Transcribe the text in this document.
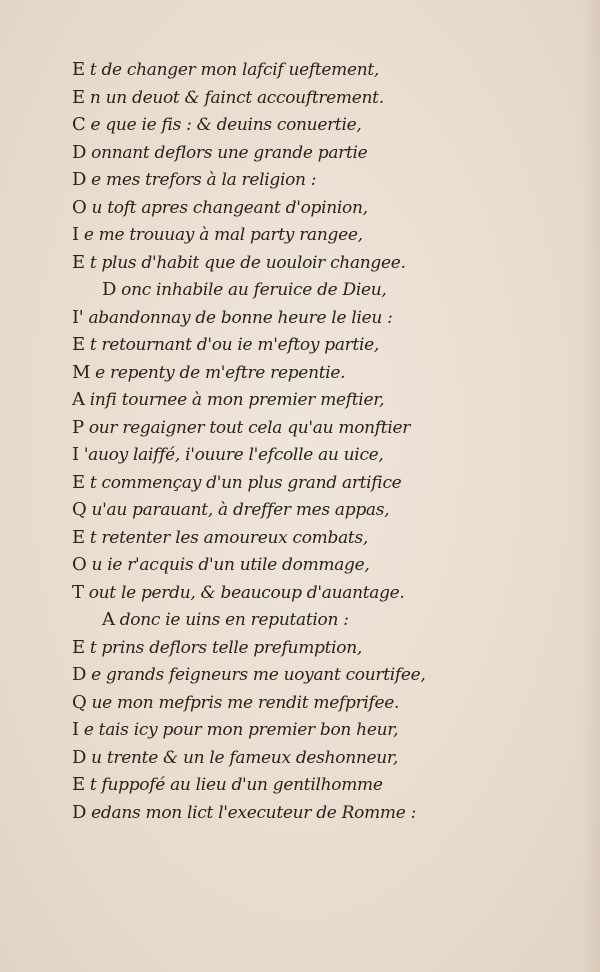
E t de changer mon lafcif ueftement,
E n un deuot & fainct accouftrement.
C e que ie fis : & deuins conuertie,
D onnant deflors une grande partie
D e mes trefors à la religion :
O u toft apres changeant d'opinion,
I e me trouuay à mal party rangee,
E t plus d'habit que de uouloir changee.
D onc inhabile au feruice de Dieu,
I' abandonnay de bonne heure le lieu :
E t retournant d'ou ie m'eftoy partie,
M e repenty de m'eftre repentie.
A infi tournee à mon premier meftier,
P our regaigner tout cela qu'au monftier
I 'auoy laiffé, i'ouure l'efcolle au uice,
E t commençay d'un plus grand artifice
Q u'au parauant, à dreffer mes appas,
E t retenter les amoureux combats,
O u ie r'acquis d'un utile dommage,
T out le perdu, & beaucoup d'auantage.
A donc ie uins en reputation :
E t prins deflors telle prefumption,
D e grands feigneurs me uoyant courtifee,
Q ue mon mefpris me rendit mefprifee.
I e tais icy pour mon premier bon heur,
D u trente & un le fameux deshonneur,
E t fuppofé au lieu d'un gentilhomme
D edans mon lict l'executeur de Romme :
